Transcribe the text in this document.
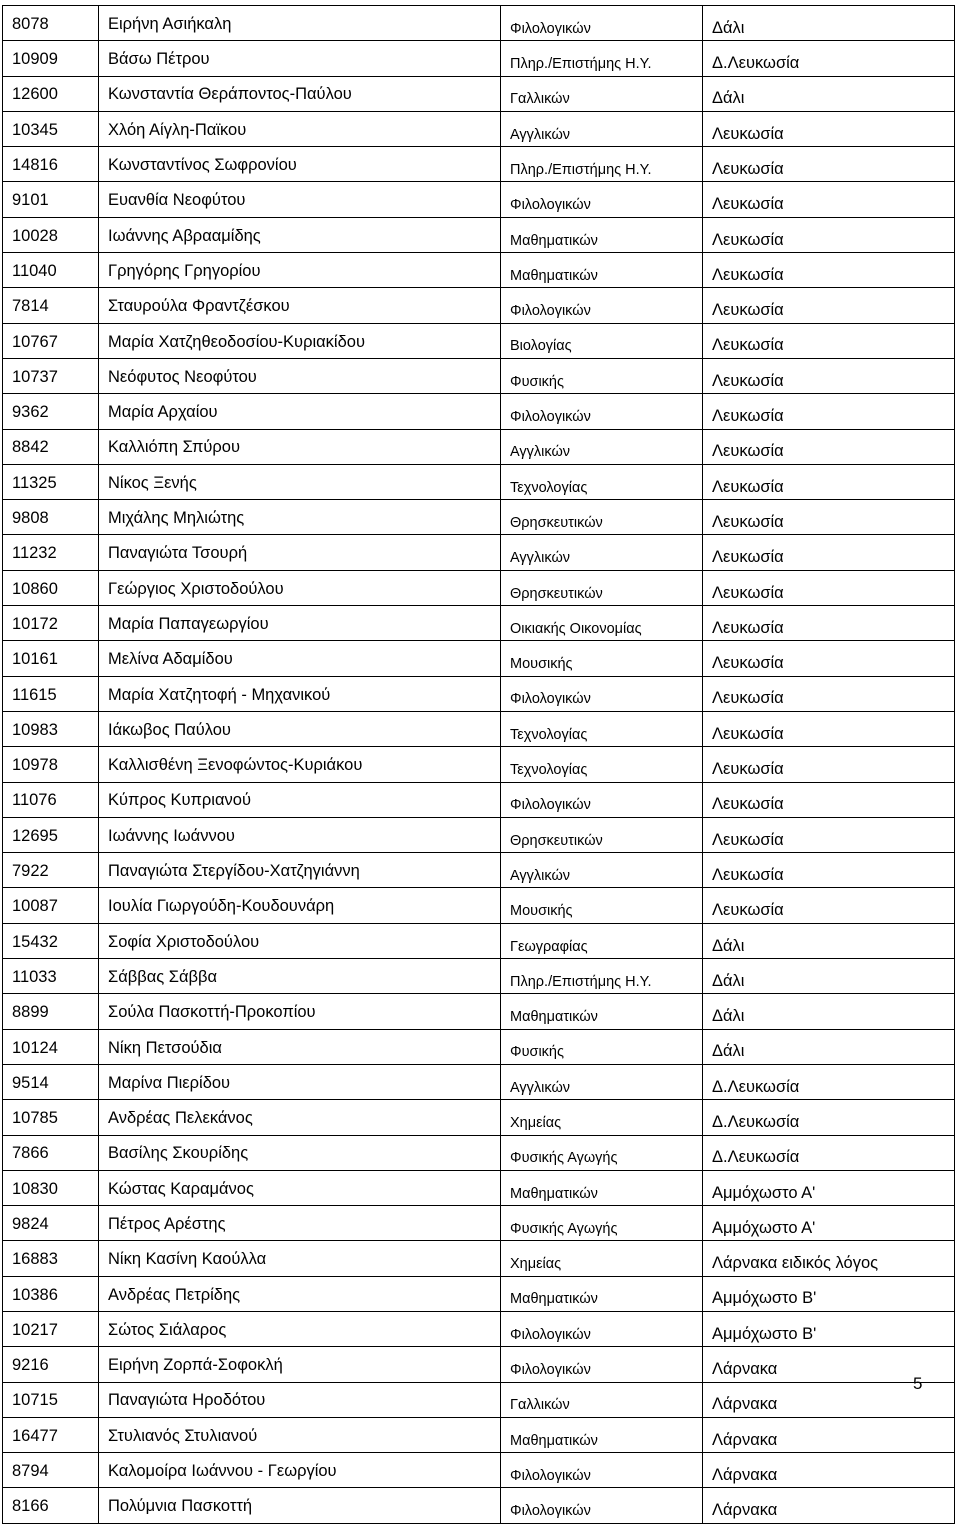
8078	Ειρήνη Ασιήκαλη	Φιλολογικών	Δάλι
10909	Βάσω Πέτρου	Πληρ./Επιστήμης Η.Υ.	Δ.Λευκωσία
12600	Κωνσταντία Θεράποντος-Παύλου	Γαλλικών	Δάλι
10345	Χλόη Αίγλη-Παϊκου	Αγγλικών	Λευκωσία
14816	Κωνσταντίνος Σωφρονίου	Πληρ./Επιστήμης Η.Υ.	Λευκωσία
9101	Ευανθία Νεοφύτου	Φιλολογικών	Λευκωσία
10028	Ιωάννης Αβρααμίδης	Μαθηματικών	Λευκωσία
11040	Γρηγόρης Γρηγορίου	Μαθηματικών	Λευκωσία
7814	Σταυρούλα Φραντζέσκου	Φιλολογικών	Λευκωσία
10767	Μαρία Χατζηθεοδοσίου-Κυριακίδου	Βιολογίας	Λευκωσία
10737	Νεόφυτος Νεοφύτου	Φυσικής	Λευκωσία
9362	Μαρία Αρχαίου	Φιλολογικών	Λευκωσία
8842	Καλλιόπη Σπύρου	Αγγλικών	Λευκωσία
11325	Νίκος Ξενής	Τεχνολογίας	Λευκωσία
9808	Μιχάλης Μηλιώτης	Θρησκευτικών	Λευκωσία
11232	Παναγιώτα Τσουρή	Αγγλικών	Λευκωσία
10860	Γεώργιος Χριστοδούλου	Θρησκευτικών	Λευκωσία
10172	Μαρία Παπαγεωργίου	Οικιακής Οικονομίας	Λευκωσία
10161	Μελίνα Αδαμίδου	Μουσικής	Λευκωσία
11615	Μαρία Χατζητοφή - Μηχανικού	Φιλολογικών	Λευκωσία
10983	Ιάκωβος Παύλου	Τεχνολογίας	Λευκωσία
10978	Καλλισθένη Ξενοφώντος-Κυριάκου	Τεχνολογίας	Λευκωσία
11076	Κύπρος Κυπριανού	Φιλολογικών	Λευκωσία
12695	Ιωάννης Ιωάννου	Θρησκευτικών	Λευκωσία
7922	Παναγιώτα Στεργίδου-Χατζηγιάννη	Αγγλικών	Λευκωσία
10087	Ιουλία Γιωργούδη-Κουδουνάρη	Μουσικής	Λευκωσία
15432	Σοφία Χριστοδούλου	Γεωγραφίας	Δάλι
11033	Σάββας Σάββα	Πληρ./Επιστήμης Η.Υ.	Δάλι
8899	Σούλα Πασκοττή-Προκοπίου	Μαθηματικών	Δάλι
10124	Νίκη Πετσούδια	Φυσικής	Δάλι
9514	Μαρίνα Πιερίδου	Αγγλικών	Δ.Λευκωσία
10785	Ανδρέας Πελεκάνος	Χημείας	Δ.Λευκωσία
7866	Βασίλης Σκουρίδης	Φυσικής Αγωγής	Δ.Λευκωσία
10830	Κώστας Καραμάνος	Μαθηματικών	Αμμόχωστο Α'
9824	Πέτρος Αρέστης	Φυσικής Αγωγής	Αμμόχωστο Α'
16883	Νίκη Κασίνη Καούλλα	Χημείας	Λάρνακα ειδικός λόγος
10386	Ανδρέας Πετρίδης	Μαθηματικών	Αμμόχωστο Β'
10217	Σώτος Σιάλαρος	Φιλολογικών	Αμμόχωστο Β'
9216	Ειρήνη Ζορπά-Σοφοκλή	Φιλολογικών	Λάρνακα
10715	Παναγιώτα Ηροδότου	Γαλλικών	Λάρνακα
16477	Στυλιανός Στυλιανού	Μαθηματικών	Λάρνακα
8794	Καλομοίρα Ιωάννου - Γεωργίου	Φιλολογικών	Λάρνακα
8166	Πολύμνια Πασκοττή	Φιλολογικών	Λάρνακα
5
